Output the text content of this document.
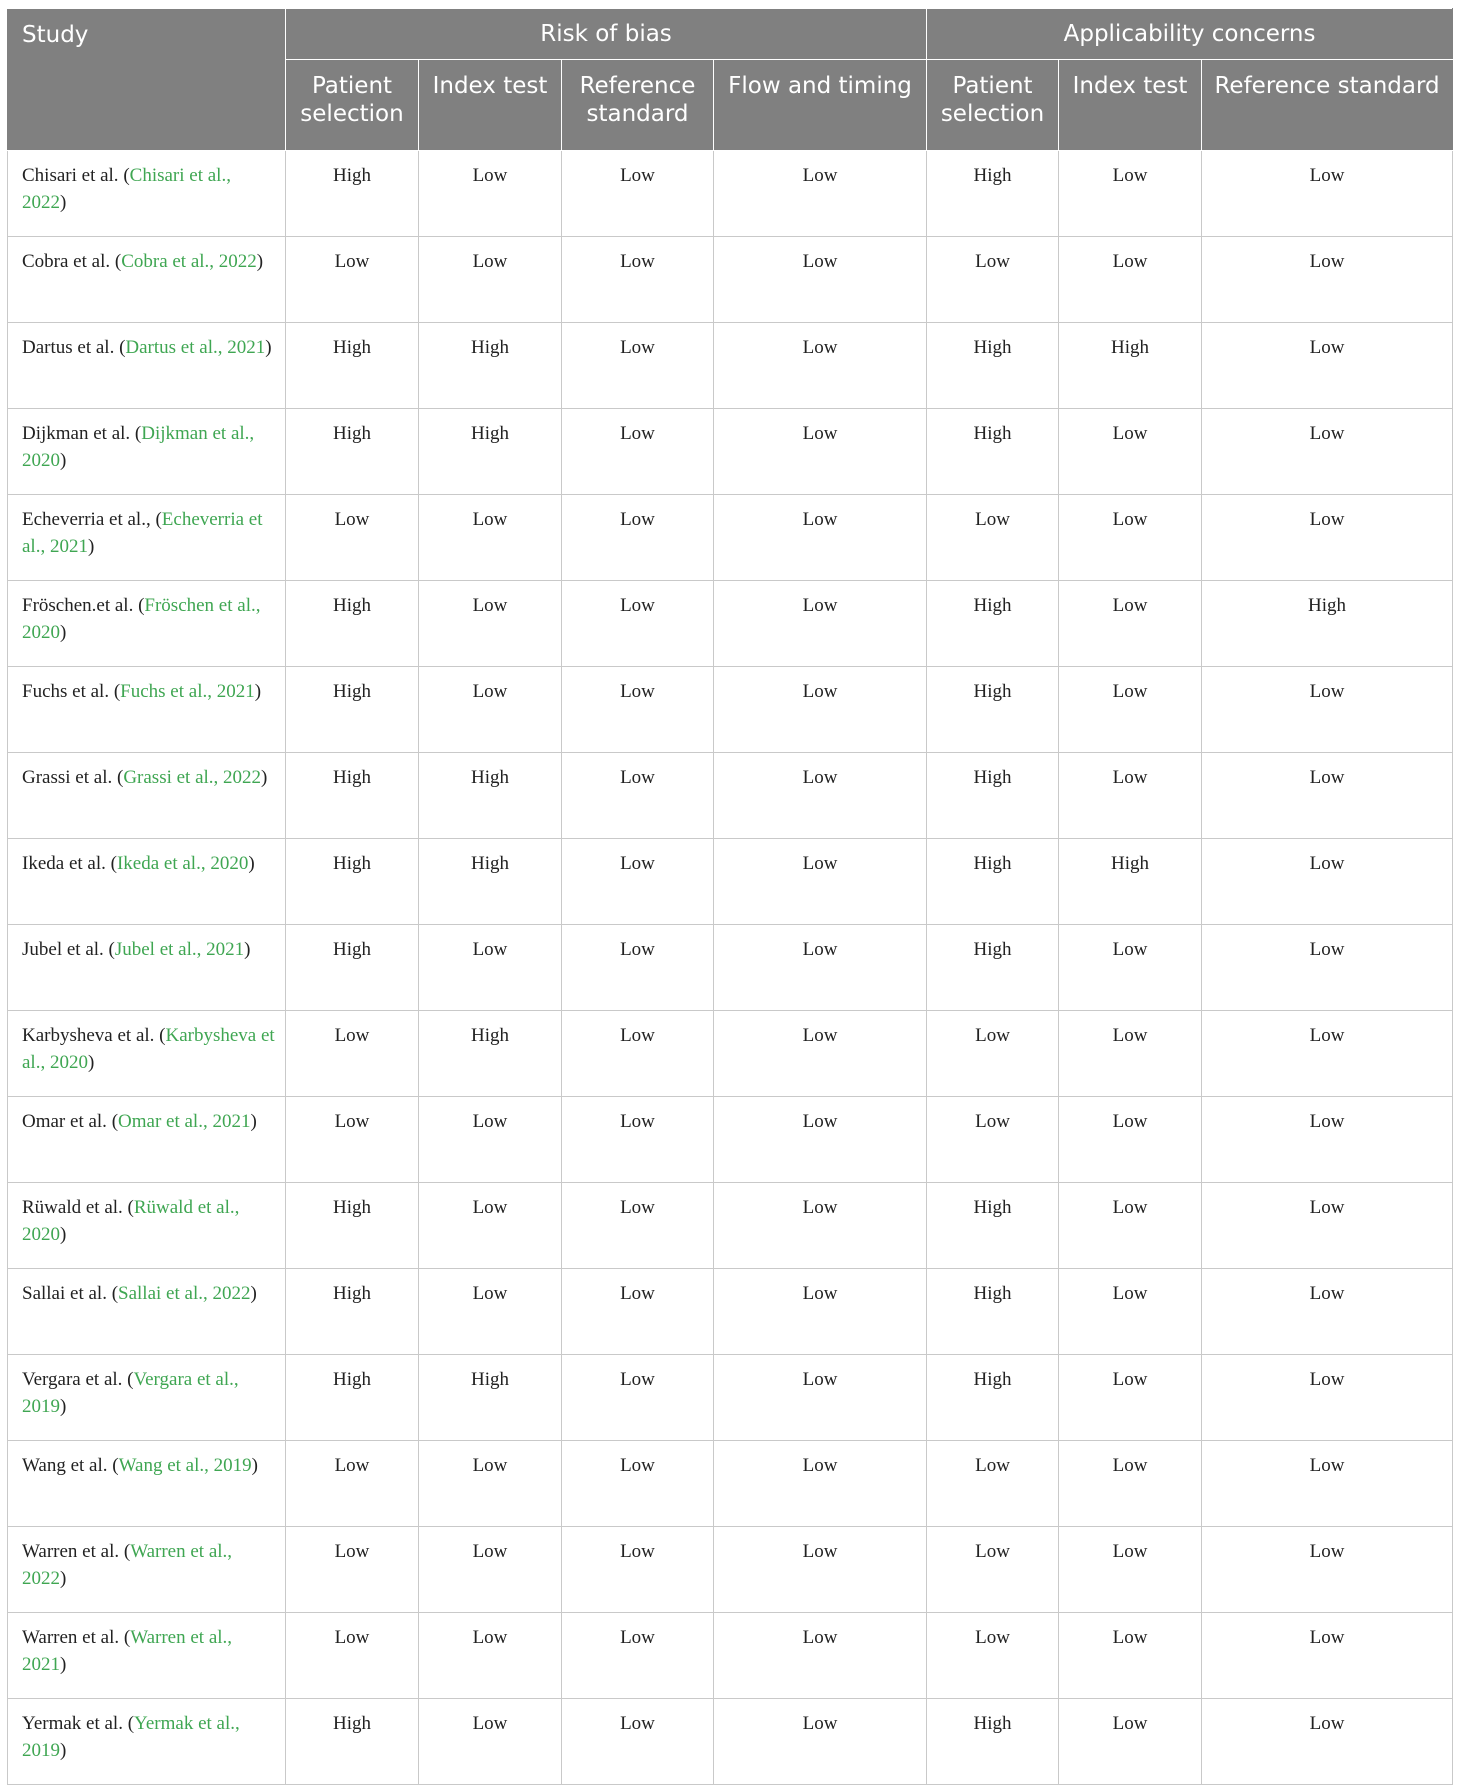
Study	Risk of bias				Applicability concerns		
	Patient selection	Index test	Reference standard	Flow and timing	Patient selection	Index test	Reference standard
Chisari et al. (Chisari et al., 2022)	High	Low	Low	Low	High	Low	Low
Cobra et al. (Cobra et al., 2022)	Low	Low	Low	Low	Low	Low	Low
Dartus et al. (Dartus et al., 2021)	High	High	Low	Low	High	High	Low
Dijkman et al. (Dijkman et al., 2020)	High	High	Low	Low	High	Low	Low
Echeverria et al., (Echeverria et al., 2021)	Low	Low	Low	Low	Low	Low	Low
Fröschen.et al. (Fröschen et al., 2020)	High	Low	Low	Low	High	Low	High
Fuchs et al. (Fuchs et al., 2021)	High	Low	Low	Low	High	Low	Low
Grassi et al. (Grassi et al., 2022)	High	High	Low	Low	High	Low	Low
Ikeda et al. (Ikeda et al., 2020)	High	High	Low	Low	High	High	Low
Jubel et al. (Jubel et al., 2021)	High	Low	Low	Low	High	Low	Low
Karbysheva et al. (Karbysheva et al., 2020)	Low	High	Low	Low	Low	Low	Low
Omar et al. (Omar et al., 2021)	Low	Low	Low	Low	Low	Low	Low
Rüwald et al. (Rüwald et al., 2020)	High	Low	Low	Low	High	Low	Low
Sallai et al. (Sallai et al., 2022)	High	Low	Low	Low	High	Low	Low
Vergara et al. (Vergara et al., 2019)	High	High	Low	Low	High	Low	Low
Wang et al. (Wang et al., 2019)	Low	Low	Low	Low	Low	Low	Low
Warren et al. (Warren et al., 2022)	Low	Low	Low	Low	Low	Low	Low
Warren et al. (Warren et al., 2021)	Low	Low	Low	Low	Low	Low	Low
Yermak et al. (Yermak et al., 2019)	High	Low	Low	Low	High	Low	Low
